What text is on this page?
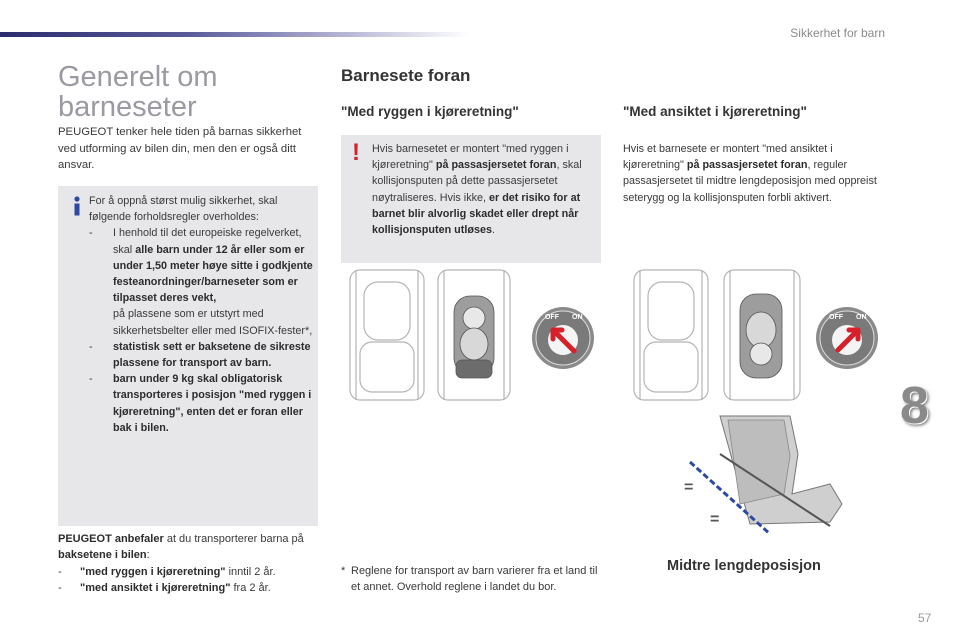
Sikkerhet for barn
Generelt om
barneseter
PEUGEOT tenker hele tiden på barnas sikkerhet ved utforming av bilen din, men den er også ditt ansvar.
For å oppnå størst mulig sikkerhet, skal følgende forholdsregler overholdes:
-	I henhold til det europeiske regelverket, skal alle barn under 12 år eller som er under 1,50 meter høye sitte i godkjente festeanordninger/barneseter som er tilpasset deres vekt,
på plassene som er utstyrt med sikkerhetsbelter eller med ISOFIX-fester*,
-	statistisk sett er baksetene de sikreste plassene for transport av barn.
-	barn under 9 kg skal obligatorisk transporteres i posisjon "med ryggen i kjøreretning", enten det er foran eller bak i bilen.
PEUGEOT anbefaler at du transporterer barna på baksetene i bilen:
-	"med ryggen i kjøreretning" inntil 2 år.
-	"med ansiktet i kjøreretning" fra 2 år.
Barnesete foran
"Med ryggen i kjøreretning"	"Med ansiktet i kjøreretning"
! Hvis barnesetet er montert "med ryggen i kjøreretning" på passasjersetet foran, skal kollisjonsputen på dette passasjersetet nøytraliseres. Hvis ikke, er det risiko for at barnet blir alvorlig skadet eller drept når kollisjonsputen utløses.
Hvis et barnesete er montert "med ansiktet i kjøreretning" på passasjersetet foran, reguler passasjersetet til midtre lengdeposisjon med oppreist seterygg og la kollisjonsputen forbli aktivert.
OFF ON	OFF ON
=
=
* Reglene for transport av barn varierer fra et land til et annet. Overhold reglene i landet du bor.
Midtre lengdeposisjon
8
57
